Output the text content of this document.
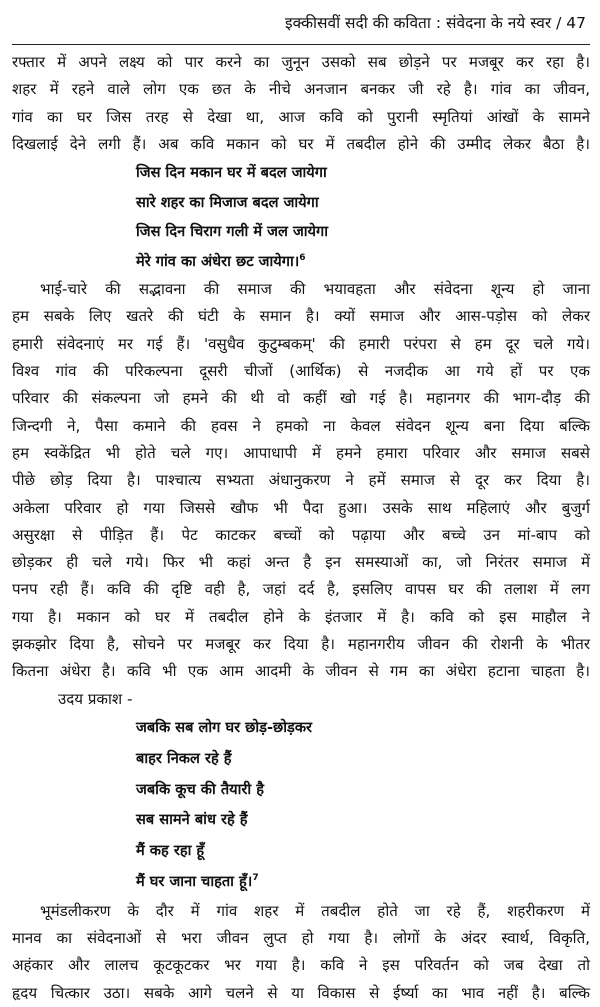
इक्कीसवीं सदी की कविता : संवेदना के नये स्वर / 47
रफ्तार में अपने लक्ष्य को पार करने का जुनून उसको सब छोड़ने पर मजबूर कर रहा है।
शहर में रहने वाले लोग एक छत के नीचे अनजान बनकर जी रहे है। गांव का जीवन,
गांव का घर जिस तरह से देखा था, आज कवि को पुरानी स्मृतियां आंखों के सामने
दिखलाई देने लगी हैं। अब कवि मकान को घर में तबदील होने की उम्मीद लेकर बैठा है।
जिस दिन मकान घर में बदल जायेगा
सारे शहर का मिजाज बदल जायेगा
जिस दिन चिराग गली में जल जायेगा
मेरे गांव का अंधेरा छट जायेगा।$^6$
भाई-चारे की सद्भावना की समाज की भयावहता और संवेदना शून्य हो जाना
हम सबके लिए खतरे की घंटी के समान है। क्यों समाज और आस-पड़ोस को लेकर
हमारी संवेदनाएं मर गई हैं। 'वसुधैव कुटुम्बकम्' की हमारी परंपरा से हम दूर चले गये।
विश्व गांव की परिकल्पना दूसरी चीजों (आर्थिक) से नजदीक आ गये हों पर एक
परिवार की संकल्पना जो हमने की थी वो कहीं खो गई है। महानगर की भाग-दौड़ की
जिन्दगी ने, पैसा कमाने की हवस ने हमको ना केवल संवेदन शून्य बना दिया बल्कि
हम स्वकेंद्रित भी होते चले गए। आपाधापी में हमने हमारा परिवार और समाज सबसे
पीछे छोड़ दिया है। पाश्चात्य सभ्यता अंधानुकरण ने हमें समाज से दूर कर दिया है।
अकेला परिवार हो गया जिससे खौफ भी पैदा हुआ। उसके साथ महिलाएं और बुजुर्ग
असुरक्षा से पीड़ित हैं। पेट काटकर बच्चों को पढ़ाया और बच्चे उन मां-बाप को
छोड़कर ही चले गये। फिर भी कहां अन्त है इन समस्याओं का, जो निरंतर समाज में
पनप रही हैं। कवि की दृष्टि वही है, जहां दर्द है, इसलिए वापस घर की तलाश में लग
गया है। मकान को घर में तबदील होने के इंतजार में है। कवि को इस माहौल ने
झकझोर दिया है, सोचने पर मजबूर कर दिया है। महानगरीय जीवन की रोशनी के भीतर
कितना अंधेरा है। कवि भी एक आम आदमी के जीवन से गम का अंधेरा हटाना चाहता है।
उदय प्रकाश -
जबकि सब लोग घर छोड़-छोड़कर
बाहर निकल रहे हैं
जबकि कूच की तैयारी है
सब सामने बांध रहे हैं
मैं कह रहा हूँ
मैं घर जाना चाहता हूँ।$^7$
भूमंडलीकरण के दौर में गांव शहर में तबदील होते जा रहे हैं, शहरीकरण में
मानव का संवेदनाओं से भरा जीवन लुप्त हो गया है। लोगों के अंदर स्वार्थ, विकृति,
अहंकार और लालच कूटकूटकर भर गया है। कवि ने इस परिवर्तन को जब देखा तो
हृदय चित्कार उठा। सबके आगे चलने से या विकास से ईर्ष्या का भाव नहीं है। बल्कि
